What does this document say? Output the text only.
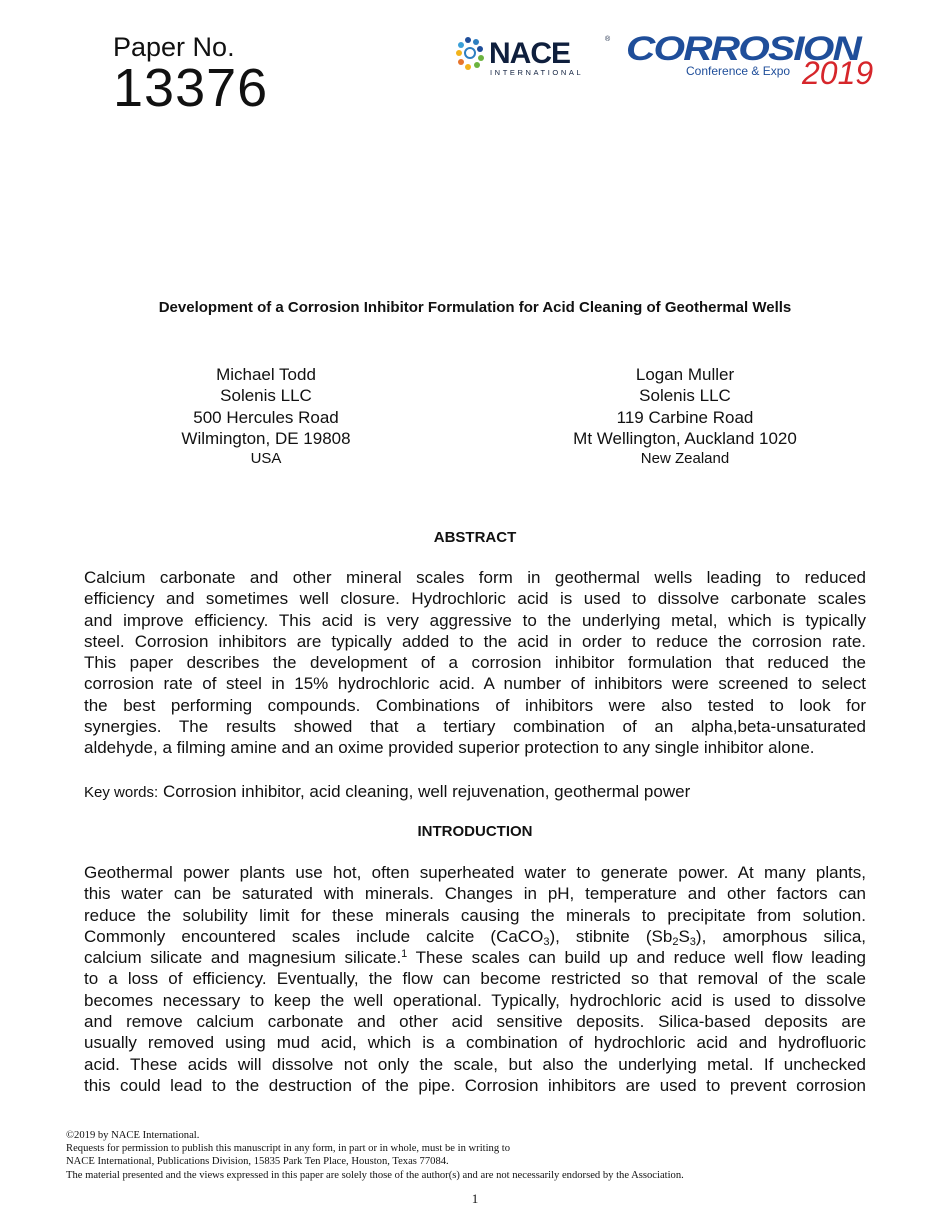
Paper No.
13376
NACE	®
INTERNATIONAL
CORROSION
Conference & Expo 2019
Development of a Corrosion Inhibitor Formulation for Acid Cleaning of Geothermal Wells
Michael Todd
Solenis LLC
500 Hercules Road
Wilmington, DE 19808
USA
Logan Muller
Solenis LLC
119 Carbine Road
Mt Wellington, Auckland 1020
New Zealand
ABSTRACT
Calcium carbonate and other mineral scales form in geothermal wells leading to reduced
efficiency and sometimes well closure. Hydrochloric acid is used to dissolve carbonate scales
and improve efficiency. This acid is very aggressive to the underlying metal, which is typically
steel. Corrosion inhibitors are typically added to the acid in order to reduce the corrosion rate.
This paper describes the development of a corrosion inhibitor formulation that reduced the
corrosion rate of steel in 15% hydrochloric acid. A number of inhibitors were screened to select
the best performing compounds. Combinations of inhibitors were also tested to look for
synergies. The results showed that a tertiary combination of an alpha,beta-unsaturated
aldehyde, a filming amine and an oxime provided superior protection to any single inhibitor alone.
Key words: Corrosion inhibitor, acid cleaning, well rejuvenation, geothermal power
INTRODUCTION
Geothermal power plants use hot, often superheated water to generate power. At many plants,
this water can be saturated with minerals. Changes in pH, temperature and other factors can
reduce the solubility limit for these minerals causing the minerals to precipitate from solution.
Commonly encountered scales include calcite (CaCO$_3$), stibnite $(Sb_2S_3)$, amorphous silica,
calcium silicate and magnesium silicate.$^1$ These scales can build up and reduce well flow leading
to a loss of efficiency. Eventually, the flow can become restricted so that removal of the scale
becomes necessary to keep the well operational. Typically, hydrochloric acid is used to dissolve
and remove calcium carbonate and other acid sensitive deposits. Silica-based deposits are
usually removed using mud acid, which is a combination of hydrochloric acid and hydrofluoric
acid. These acids will dissolve not only the scale, but also the underlying metal. If unchecked
this could lead to the destruction of the pipe. Corrosion inhibitors are used to prevent corrosion
©2019 by NACE International.
Requests for permission to publish this manuscript in any form, in part or in whole, must be in writing to
NACE International, Publications Division, 15835 Park Ten Place, Houston, Texas 77084.
The material presented and the views expressed in this paper are solely those of the author(s) and are not necessarily endorsed by the Association.
1
